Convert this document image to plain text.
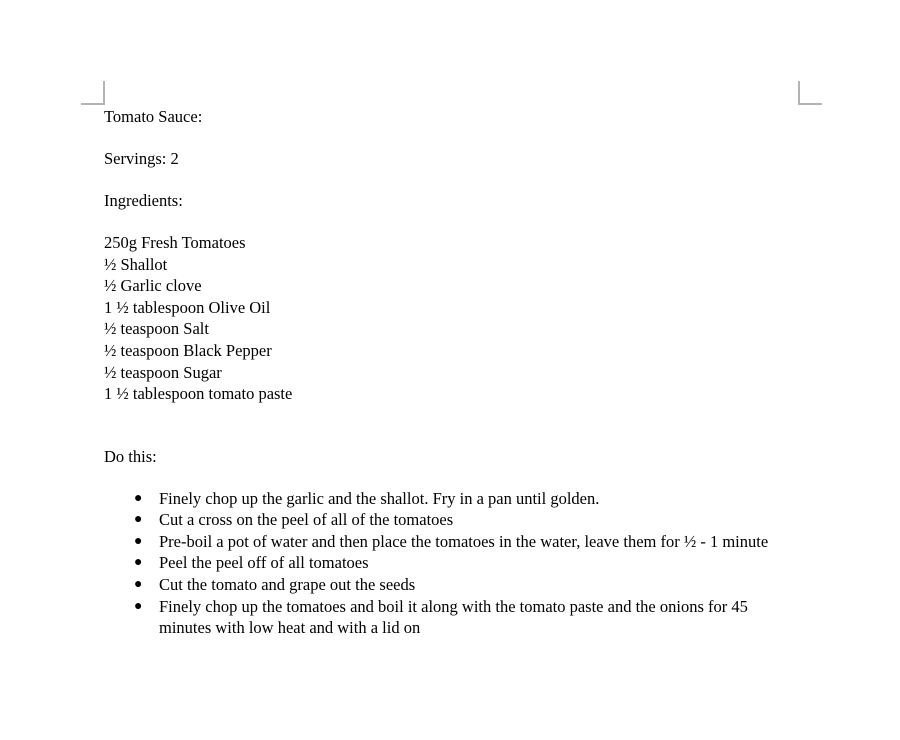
Tomato Sauce:

Servings: 2

Ingredients:

250g Fresh Tomatoes
½ Shallot
½ Garlic clove
1 ½ tablespoon Olive Oil
½ teaspoon Salt
½ teaspoon Black Pepper
½ teaspoon Sugar
1 ½ tablespoon tomato paste

Do this:

● Finely chop up the garlic and the shallot. Fry in a pan until golden.
● Cut a cross on the peel of all of the tomatoes
● Pre-boil a pot of water and then place the tomatoes in the water, leave them for ½ - 1 minute
● Peel the peel off of all tomatoes
● Cut the tomato and grape out the seeds
● Finely chop up the tomatoes and boil it along with the tomato paste and the onions for 45 minutes with low heat and with a lid on
